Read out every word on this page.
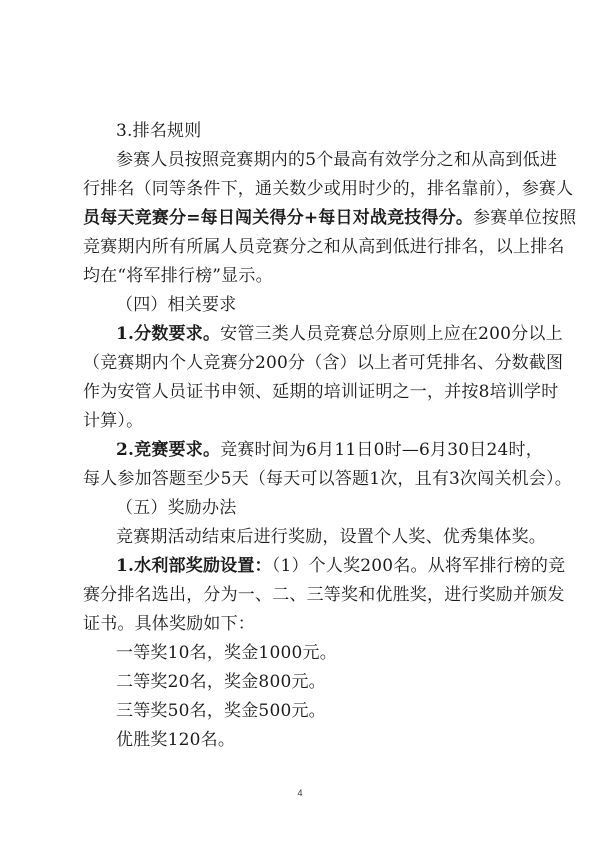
3.排名规则
参赛人员按照竞赛期内的5个最高有效学分之和从高到低进
行排名（同等条件下，通关数少或用时少的，排名靠前），参赛人
员每天竞赛分=每日闯关得分+每日对战竞技得分。参赛单位按照
竞赛期内所有所属人员竞赛分之和从高到低进行排名，以上排名
均在“将军排行榜”显示。
（四）相关要求
1.分数要求。安管三类人员竞赛总分原则上应在200分以上
（竞赛期内个人竞赛分200分（含）以上者可凭排名、分数截图
作为安管人员证书申领、延期的培训证明之一，并按8培训学时
计算）。
2.竞赛要求。竞赛时间为6月11日0时—6月30日24时，
每人参加答题至少5天（每天可以答题1次，且有3次闯关机会）。
（五）奖励办法
竞赛期活动结束后进行奖励，设置个人奖、优秀集体奖。
1.水利部奖励设置：（1）个人奖200名。从将军排行榜的竞
赛分排名选出，分为一、二、三等奖和优胜奖，进行奖励并颁发
证书。具体奖励如下：
一等奖10名，奖金1000元。
二等奖20名，奖金800元。
三等奖50名，奖金500元。
优胜奖120名。
4
